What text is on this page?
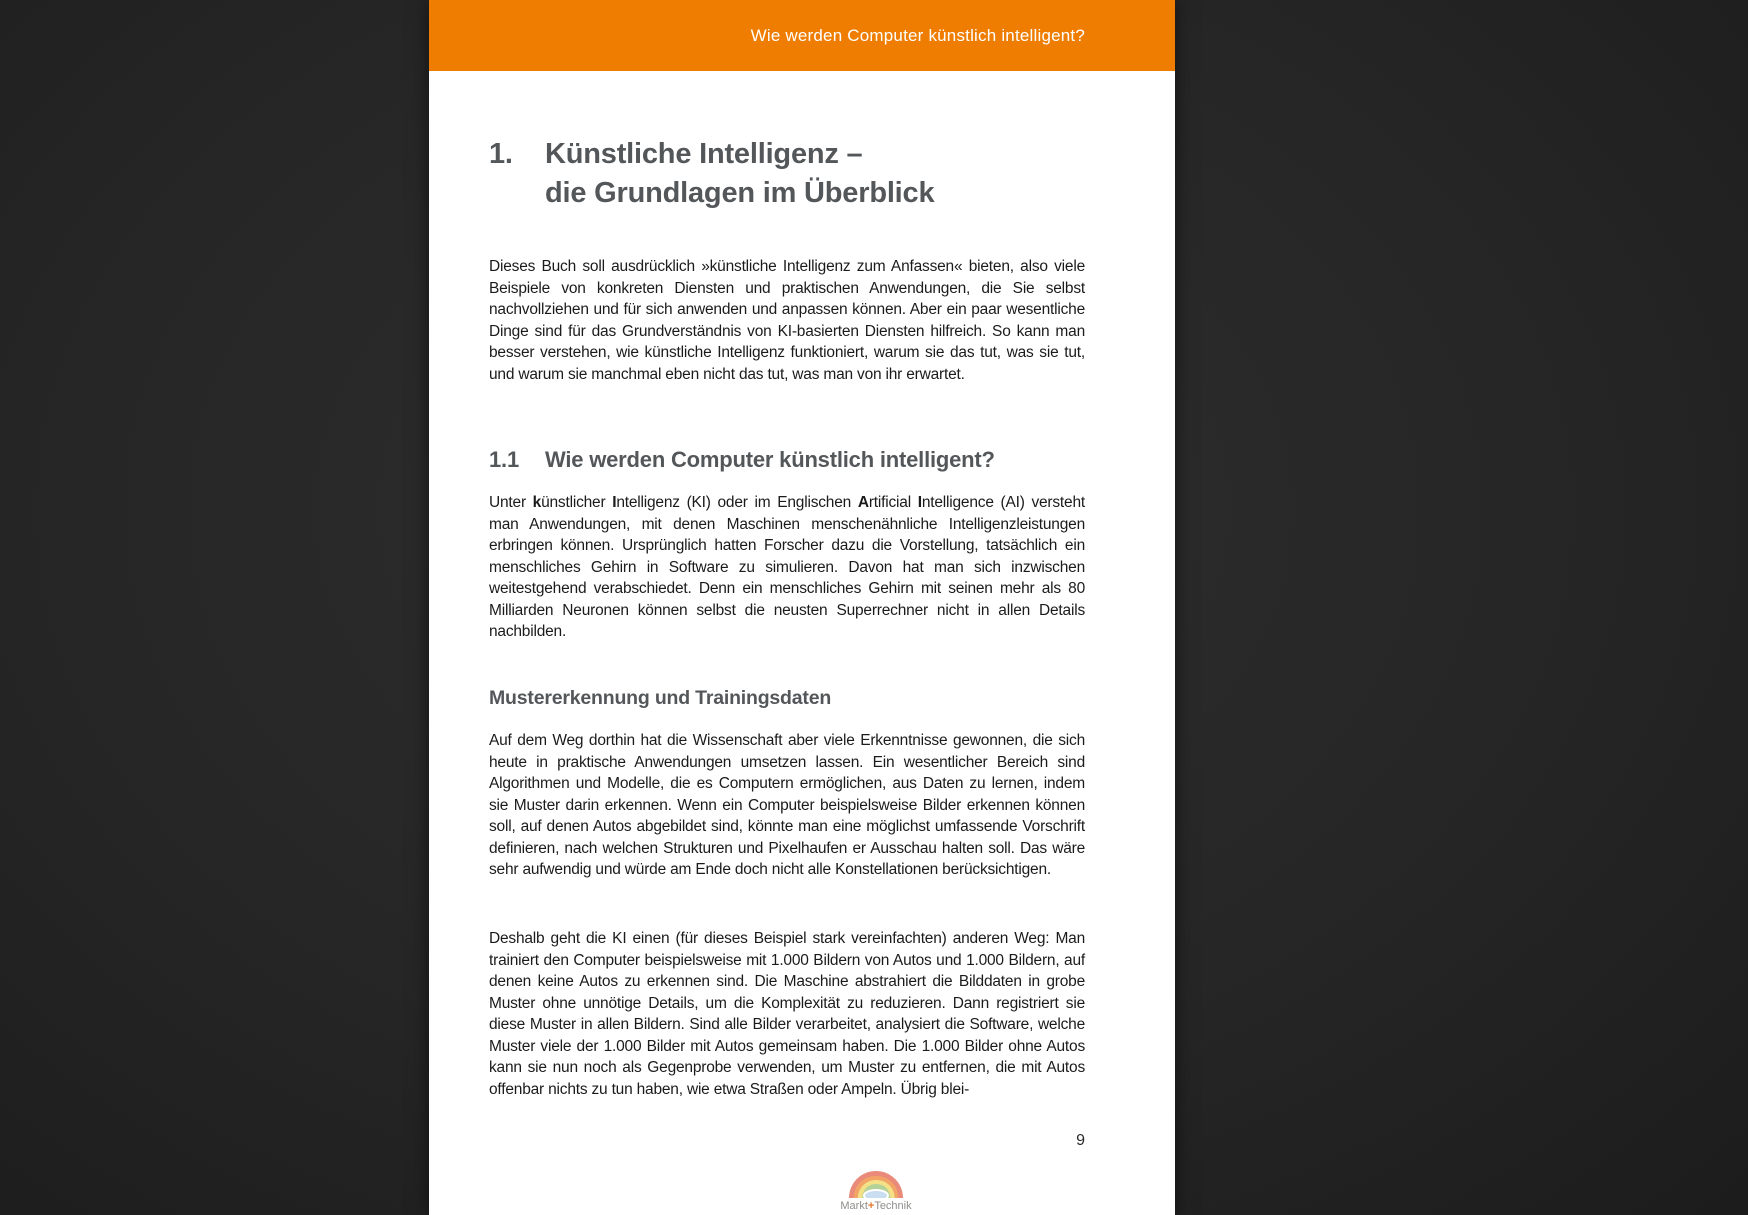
Wie werden Computer künstlich intelligent?
1.	Künstliche Intelligenz –
die Grundlagen im Überblick

Dieses Buch soll ausdrücklich »künstliche Intelligenz zum Anfassen« bieten, also viele Beispiele von konkreten Diensten und praktischen Anwendungen, die Sie selbst nachvollziehen und für sich anwenden und anpassen können. Aber ein paar wesentliche Dinge sind für das Grundverständnis von KI-basierten Diensten hilfreich. So kann man besser verstehen, wie künstliche Intelligenz funktioniert, warum sie das tut, was sie tut, und warum sie manchmal eben nicht das tut, was man von ihr erwartet.

1.1	Wie werden Computer künstlich intelligent?

Unter künstlicher Intelligenz (KI) oder im Englischen Artificial Intelligence (AI) versteht man Anwendungen, mit denen Maschinen menschenähnliche Intelligenzleistungen erbringen können. Ursprünglich hatten Forscher dazu die Vorstellung, tatsächlich ein menschliches Gehirn in Software zu simulieren. Davon hat man sich inzwischen weitestgehend verabschiedet. Denn ein menschliches Gehirn mit seinen mehr als 80 Milliarden Neuronen können selbst die neusten Superrechner nicht in allen Details nachbilden.

Mustererkennung und Trainingsdaten

Auf dem Weg dorthin hat die Wissenschaft aber viele Erkenntnisse gewonnen, die sich heute in praktische Anwendungen umsetzen lassen. Ein wesentlicher Bereich sind Algorithmen und Modelle, die es Computern ermöglichen, aus Daten zu lernen, indem sie Muster darin erkennen. Wenn ein Computer beispielsweise Bilder erkennen können soll, auf denen Autos abgebildet sind, könnte man eine möglichst umfassende Vorschrift definieren, nach welchen Strukturen und Pixelhaufen er Ausschau halten soll. Das wäre sehr aufwendig und würde am Ende doch nicht alle Konstellationen berücksichtigen.

Deshalb geht die KI einen (für dieses Beispiel stark vereinfachten) anderen Weg: Man trainiert den Computer beispielsweise mit 1.000 Bildern von Autos und 1.000 Bildern, auf denen keine Autos zu erkennen sind. Die Maschine abstrahiert die Bilddaten in grobe Muster ohne unnötige Details, um die Komplexität zu reduzieren. Dann registriert sie diese Muster in allen Bildern. Sind alle Bilder verarbeitet, analysiert die Software, welche Muster viele der 1.000 Bilder mit Autos gemeinsam haben. Die 1.000 Bilder ohne Autos kann sie nun noch als Gegenprobe verwenden, um Muster zu entfernen, die mit Autos offenbar nichts zu tun haben, wie etwa Straßen oder Ampeln. Übrig blei-

9

Markt+Technik
